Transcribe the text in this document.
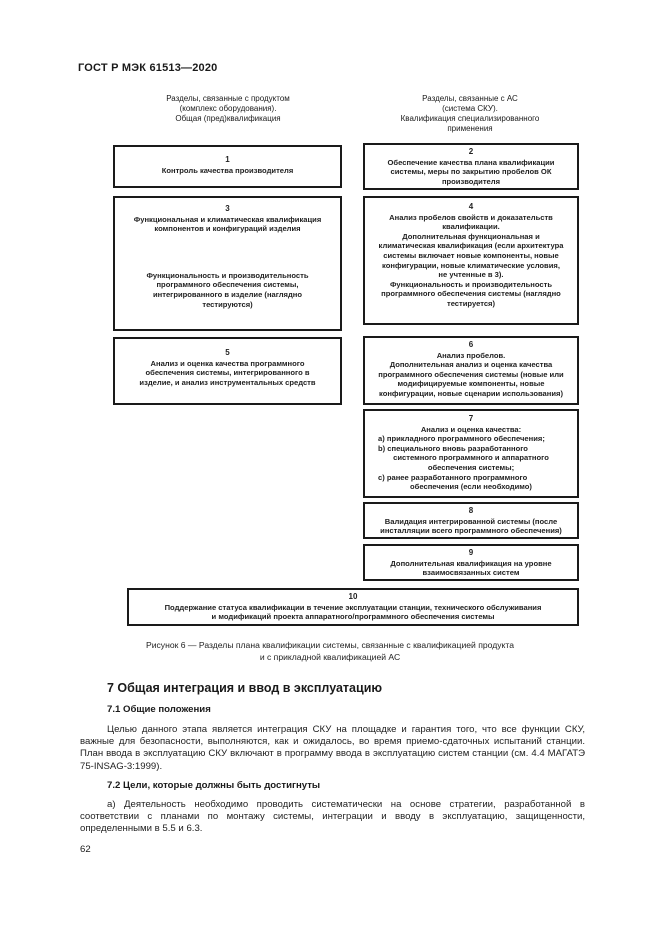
ГОСТ Р МЭК 61513—2020
Разделы, связанные с продуктом
(комплекс оборудования).
Общая (пред)квалификация
Разделы, связанные с АС
(система СКУ).
Квалификация специализированного
применения
1
Контроль качества производителя
3
Функциональная и климатическая квалификация
компонентов и конфигураций изделия
Функциональность и производительность
программного обеспечения системы,
интегрированного в изделие (наглядно
тестируются)
5
Анализ и оценка качества программного
обеспечения системы, интегрированного в
изделие, и анализ инструментальных средств
2
Обеспечение качества плана квалификации
системы, меры по закрытию пробелов ОК
производителя
4
Анализ пробелов свойств и доказательств
квалификации.
Дополнительная функциональная и
климатическая квалификация (если архитектура
системы включает новые компоненты, новые
конфигурации, новые климатические условия,
не учтенные в 3).
Функциональность и производительность
программного обеспечения системы (наглядно
тестируется)
6
Анализ пробелов.
Дополнительная анализ и оценка качества
программного обеспечения системы (новые или
модифицируемые компоненты, новые
конфигурации, новые сценарии использования)
7
Анализ и оценка качества:
а) прикладного программного обеспечения;
b) специального вновь разработанного
системного программного и аппаратного
обеспечения системы;
с) ранее разработанного программного
обеспечения (если необходимо)
8
Валидация интегрированной системы (после
инсталляции всего программного обеспечения)
9
Дополнительная квалификация на уровне
взаимосвязанных систем
10
Поддержание статуса квалификации в течение эксплуатации станции, технического обслуживания
и модификаций проекта аппаратного/программного обеспечения системы
Рисунок 6 — Разделы плана квалификации системы, связанные с квалификацией продукта
и с прикладной квалификацией АС
7 Общая интеграция и ввод в эксплуатацию
7.1 Общие положения
Целью данного этапа является интеграция СКУ на площадке и гарантия того, что все функции СКУ, важные для безопасности, выполняются, как и ожидалось, во время приемо-сдаточных испытаний станции. План ввода в эксплуатацию СКУ включают в программу ввода в эксплуатацию систем станции (см. 4.4 МАГАТЭ 75-INSAG-3:1999).
7.2 Цели, которые должны быть достигнуты
а) Деятельность необходимо проводить систематически на основе стратегии, разработанной в соответствии с планами по монтажу системы, интеграции и вводу в эксплуатацию, защищенности, определенными в 5.5 и 6.3.
62
